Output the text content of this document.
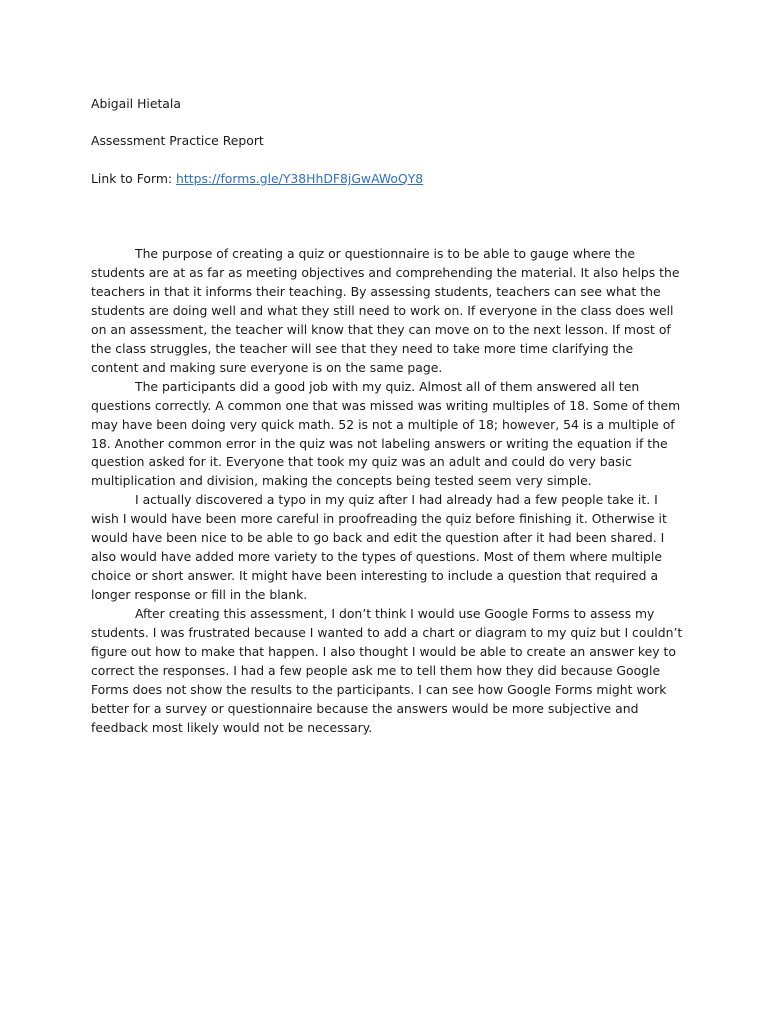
Abigail Hietala

Assessment Practice Report

Link to Form: https://forms.gle/Y38HhDF8jGwAWoQY8

The purpose of creating a quiz or questionnaire is to be able to gauge where the students are at as far as meeting objectives and comprehending the material. It also helps the teachers in that it informs their teaching. By assessing students, teachers can see what the students are doing well and what they still need to work on. If everyone in the class does well on an assessment, the teacher will know that they can move on to the next lesson. If most of the class struggles, the teacher will see that they need to take more time clarifying the content and making sure everyone is on the same page.

The participants did a good job with my quiz. Almost all of them answered all ten questions correctly. A common one that was missed was writing multiples of 18. Some of them may have been doing very quick math. 52 is not a multiple of 18; however, 54 is a multiple of 18. Another common error in the quiz was not labeling answers or writing the equation if the question asked for it. Everyone that took my quiz was an adult and could do very basic multiplication and division, making the concepts being tested seem very simple.

I actually discovered a typo in my quiz after I had already had a few people take it. I wish I would have been more careful in proofreading the quiz before finishing it. Otherwise it would have been nice to be able to go back and edit the question after it had been shared. I also would have added more variety to the types of questions. Most of them where multiple choice or short answer. It might have been interesting to include a question that required a longer response or fill in the blank.

After creating this assessment, I don’t think I would use Google Forms to assess my students. I was frustrated because I wanted to add a chart or diagram to my quiz but I couldn’t figure out how to make that happen. I also thought I would be able to create an answer key to correct the responses. I had a few people ask me to tell them how they did because Google Forms does not show the results to the participants. I can see how Google Forms might work better for a survey or questionnaire because the answers would be more subjective and feedback most likely would not be necessary.
